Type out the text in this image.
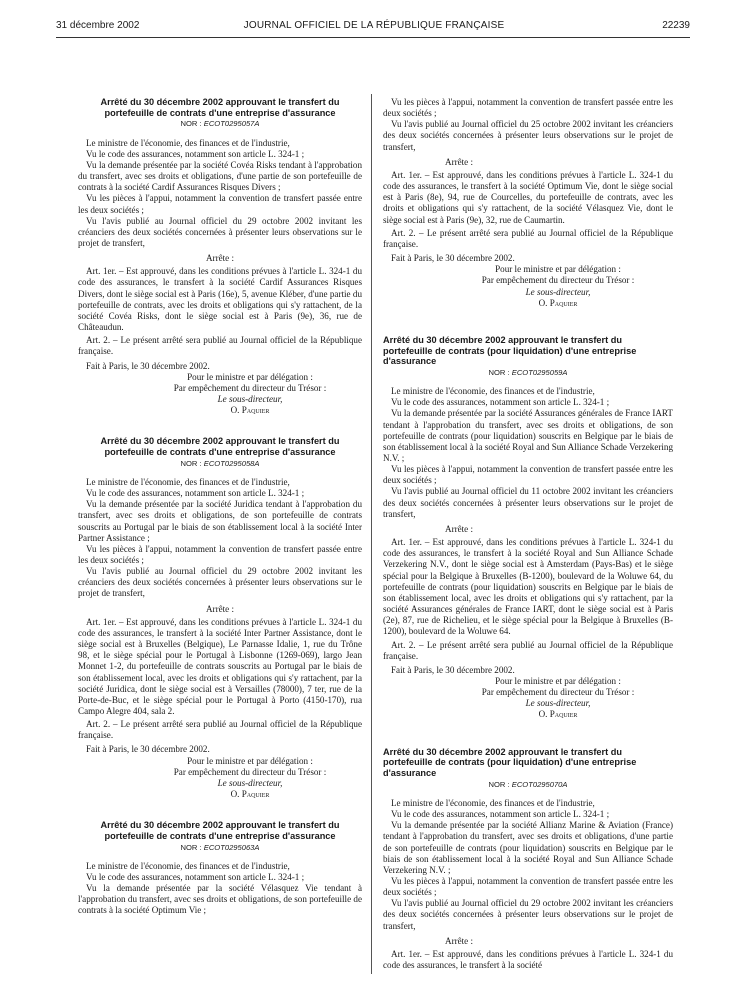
31 décembre 2002	JOURNAL OFFICIEL DE LA RÉPUBLIQUE FRANÇAISE	22239
Arrêté du 30 décembre 2002 approuvant le transfert du portefeuille de contrats d'une entreprise d'assurance
NOR : ECOT0295057A

Le ministre de l'économie, des finances et de l'industrie,

Vu le code des assurances, notamment son article L. 324-1 ;

Vu la demande présentée par la société Covéa Risks tendant à l'approbation du transfert, avec ses droits et obligations, d'une partie de son portefeuille de contrats à la société Cardif Assurances Risques Divers ;

Vu les pièces à l'appui, notamment la convention de transfert passée entre les deux sociétés ;

Vu l'avis publié au Journal officiel du 29 octobre 2002 invitant les créanciers des deux sociétés concernées à présenter leurs observations sur le projet de transfert,

Arrête :

Art. 1er. – Est approuvé, dans les conditions prévues à l'article L. 324-1 du code des assurances, le transfert à la société Cardif Assurances Risques Divers, dont le siège social est à Paris (16e), 5, avenue Kléber, d'une partie du portefeuille de contrats, avec les droits et obligations qui s'y rattachent, de la société Covéa Risks, dont le siège social est à Paris (9e), 36, rue de Châteaudun.

Art. 2. – Le présent arrêté sera publié au Journal officiel de la République française.

Fait à Paris, le 30 décembre 2002.

Pour le ministre et par délégation :

Par empêchement du directeur du Trésor :

Le sous-directeur,

O. Paquier

Arrêté du 30 décembre 2002 approuvant le transfert du portefeuille de contrats d'une entreprise d'assurance
NOR : ECOT0295058A

Le ministre de l'économie, des finances et de l'industrie,

Vu le code des assurances, notamment son article L. 324-1 ;

Vu la demande présentée par la société Juridica tendant à l'approbation du transfert, avec ses droits et obligations, de son portefeuille de contrats souscrits au Portugal par le biais de son établissement local à la société Inter Partner Assistance ;

Vu les pièces à l'appui, notamment la convention de transfert passée entre les deux sociétés ;

Vu l'avis publié au Journal officiel du 29 octobre 2002 invitant les créanciers des deux sociétés concernées à présenter leurs observations sur le projet de transfert,

Arrête :

Art. 1er. – Est approuvé, dans les conditions prévues à l'article L. 324-1 du code des assurances, le transfert à la société Inter Partner Assistance, dont le siège social est à Bruxelles (Belgique), Le Parnasse Idalie, 1, rue du Trône 98, et le siège spécial pour le Portugal à Lisbonne (1269-069), largo Jean Monnet 1-2, du portefeuille de contrats souscrits au Portugal par le biais de son établissement local, avec les droits et obligations qui s'y rattachent, par la société Juridica, dont le siège social est à Versailles (78000), 7 ter, rue de la Porte-de-Buc, et le siège spécial pour le Portugal à Porto (4150-170), rua Campo Alegre 404, sala 2.

Art. 2. – Le présent arrêté sera publié au Journal officiel de la République française.

Fait à Paris, le 30 décembre 2002.

Pour le ministre et par délégation :

Par empêchement du directeur du Trésor :

Le sous-directeur,

O. Paquier

Arrêté du 30 décembre 2002 approuvant le transfert du portefeuille de contrats d'une entreprise d'assurance
NOR : ECOT0295063A

Le ministre de l'économie, des finances et de l'industrie,

Vu le code des assurances, notamment son article L. 324-1 ;

Vu la demande présentée par la société Vélasquez Vie tendant à l'approbation du transfert, avec ses droits et obligations, de son portefeuille de contrats à la société Optimum Vie ;

Vu les pièces à l'appui, notamment la convention de transfert passée entre les deux sociétés ;

Vu l'avis publié au Journal officiel du 25 octobre 2002 invitant les créanciers des deux sociétés concernées à présenter leurs observations sur le projet de transfert,

Arrête :

Art. 1er. – Est approuvé, dans les conditions prévues à l'article L. 324-1 du code des assurances, le transfert à la société Optimum Vie, dont le siège social est à Paris (8e), 94, rue de Courcelles, du portefeuille de contrats, avec les droits et obligations qui s'y rattachent, de la société Vélasquez Vie, dont le siège social est à Paris (9e), 32, rue de Caumartin.

Art. 2. – Le présent arrêté sera publié au Journal officiel de la République française.

Fait à Paris, le 30 décembre 2002.

Pour le ministre et par délégation :

Par empêchement du directeur du Trésor :

Le sous-directeur,

O. Paquier

Arrêté du 30 décembre 2002 approuvant le transfert du portefeuille de contrats (pour liquidation) d'une entreprise d'assurance
NOR : ECOT0295059A

Le ministre de l'économie, des finances et de l'industrie,

Vu le code des assurances, notamment son article L. 324-1 ;

Vu la demande présentée par la société Assurances générales de France IART tendant à l'approbation du transfert, avec ses droits et obligations, de son portefeuille de contrats (pour liquidation) souscrits en Belgique par le biais de son établissement local à la société Royal and Sun Alliance Schade Verzekering N.V. ;

Vu les pièces à l'appui, notamment la convention de transfert passée entre les deux sociétés ;

Vu l'avis publié au Journal officiel du 11 octobre 2002 invitant les créanciers des deux sociétés concernées à présenter leurs observations sur le projet de transfert,

Arrête :

Art. 1er. – Est approuvé, dans les conditions prévues à l'article L. 324-1 du code des assurances, le transfert à la société Royal and Sun Alliance Schade Verzekering N.V., dont le siège social est à Amsterdam (Pays-Bas) et le siège spécial pour la Belgique à Bruxelles (B-1200), boulevard de la Woluwe 64, du portefeuille de contrats (pour liquidation) souscrits en Belgique par le biais de son établissement local, avec les droits et obligations qui s'y rattachent, par la société Assurances générales de France IART, dont le siège social est à Paris (2e), 87, rue de Richelieu, et le siège spécial pour la Belgique à Bruxelles (B-1200), boulevard de la Woluwe 64.

Art. 2. – Le présent arrêté sera publié au Journal officiel de la République française.

Fait à Paris, le 30 décembre 2002.

Pour le ministre et par délégation :

Par empêchement du directeur du Trésor :

Le sous-directeur,

O. Paquier

Arrêté du 30 décembre 2002 approuvant le transfert du portefeuille de contrats (pour liquidation) d'une entreprise d'assurance
NOR : ECOT0295070A

Le ministre de l'économie, des finances et de l'industrie,

Vu le code des assurances, notamment son article L. 324-1 ;

Vu la demande présentée par la société Allianz Marine & Aviation (France) tendant à l'approbation du transfert, avec ses droits et obligations, d'une partie de son portefeuille de contrats (pour liquidation) souscrits en Belgique par le biais de son établissement local à la société Royal and Sun Alliance Schade Verzekering N.V. ;

Vu les pièces à l'appui, notamment la convention de transfert passée entre les deux sociétés ;

Vu l'avis publié au Journal officiel du 29 octobre 2002 invitant les créanciers des deux sociétés concernées à présenter leurs observations sur le projet de transfert,

Arrête :

Art. 1er. – Est approuvé, dans les conditions prévues à l'article L. 324-1 du code des assurances, le transfert à la société
